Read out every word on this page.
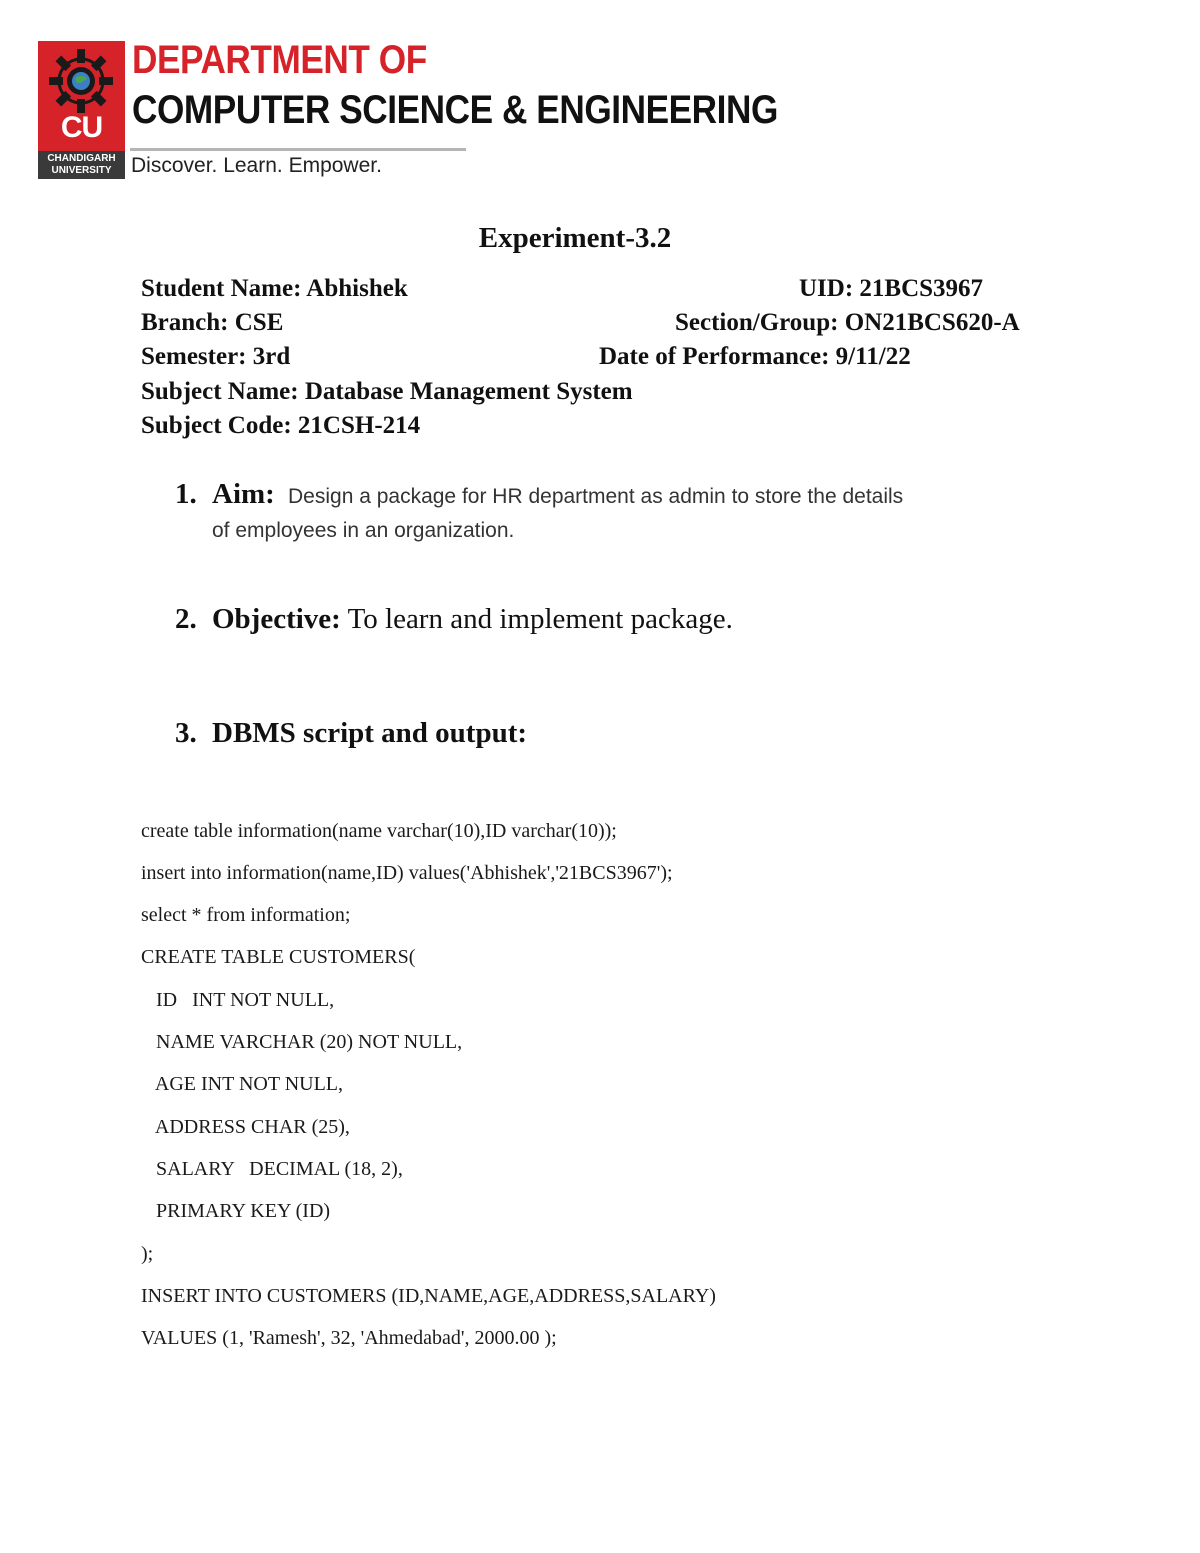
CU
CHANDIGARH
UNIVERSITY
DEPARTMENT OF
COMPUTER SCIENCE & ENGINEERING
Discover. Learn. Empower.
Experiment-3.2
Student Name: Abhishek	UID: 21BCS3967
Branch: CSE	Section/Group: ON21BCS620-A
Semester: 3rd	Date of Performance: 9/11/22
Subject Name: Database Management System
Subject Code: 21CSH-214
1. Aim: Design a package for HR department as admin to store the details
of employees in an organization.
2. Objective: To learn and implement package.
3. DBMS script and output:
create table information(name varchar(10),ID varchar(10));
insert into information(name,ID) values('Abhishek','21BCS3967');
select * from information;
CREATE TABLE CUSTOMERS(
ID   INT NOT NULL,
NAME VARCHAR (20) NOT NULL,
AGE INT NOT NULL,
ADDRESS CHAR (25),
SALARY   DECIMAL (18, 2),
PRIMARY KEY (ID)
);
INSERT INTO CUSTOMERS (ID,NAME,AGE,ADDRESS,SALARY)
VALUES (1, 'Ramesh', 32, 'Ahmedabad', 2000.00 );
